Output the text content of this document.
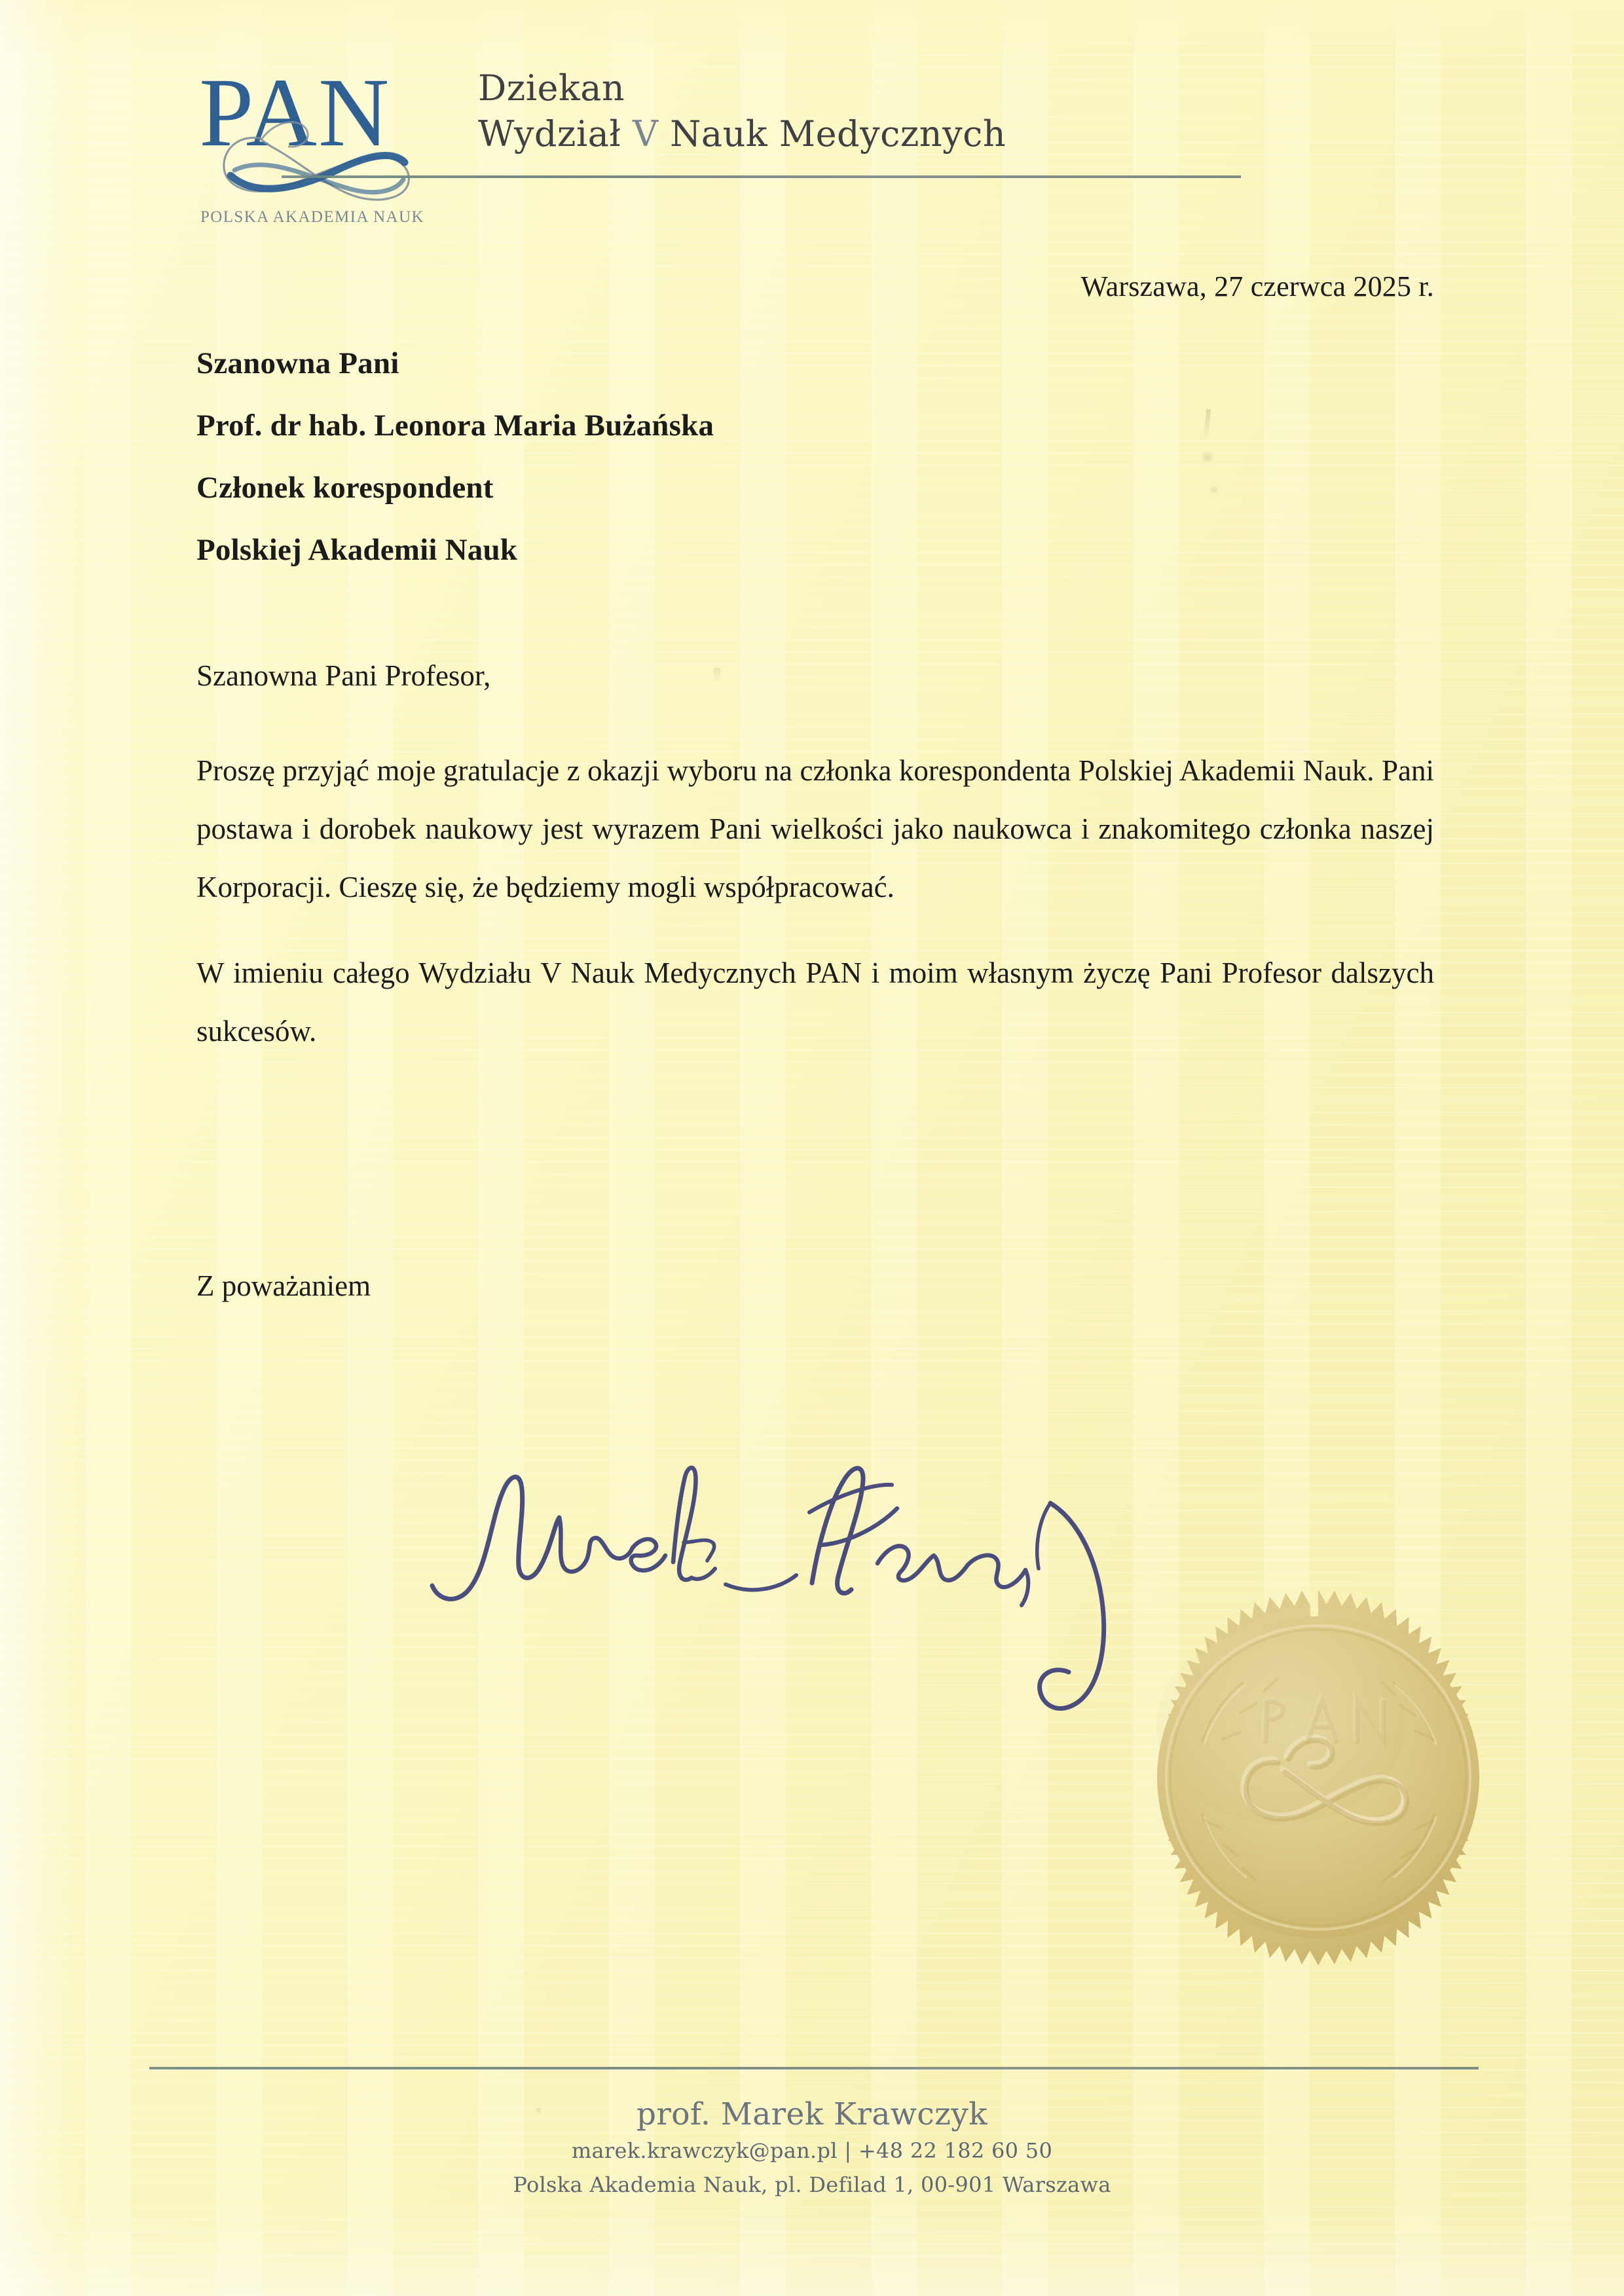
PAN
POLSKA AKADEMIA NAUK
Dziekan
Wydział V Nauk Medycznych
Warszawa, 27 czerwca 2025 r.
Szanowna Pani
Prof. dr hab. Leonora Maria Bużańska
Członek korespondent
Polskiej Akademii Nauk
Szanowna Pani Profesor,

Proszę przyjąć moje gratulacje z okazji wyboru na członka korespondenta Polskiej Akademii Nauk. Pani postawa i dorobek naukowy jest wyrazem Pani wielkości jako naukowca i znakomitego członka naszej Korporacji. Cieszę się, że będziemy mogli współpracować.

W imieniu całego Wydziału V Nauk Medycznych PAN i moim własnym życzę Pani Profesor dalszych sukcesów.

Z poważaniem
prof. Marek Krawczyk
marek.krawczyk@pan.pl | +48 22 182 60 50
Polska Akademia Nauk, pl. Defilad 1, 00-901 Warszawa
